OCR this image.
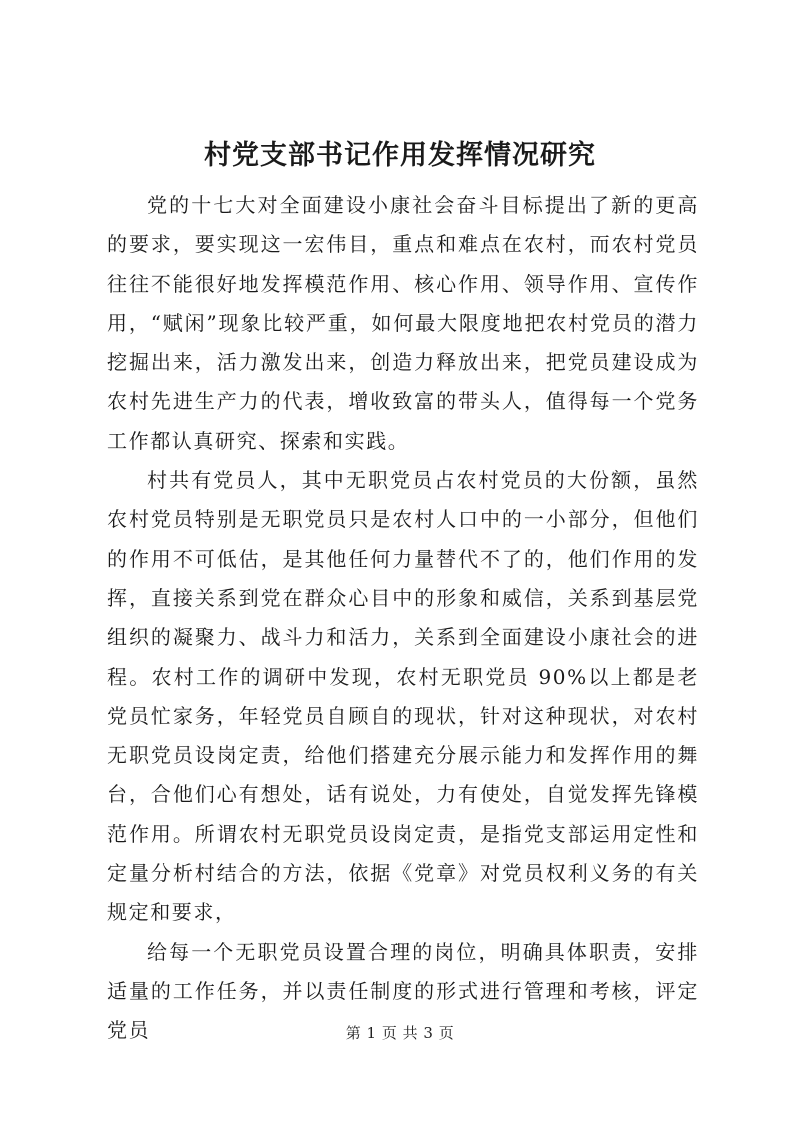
村党支部书记作用发挥情况研究

党的十七大对全面建设小康社会奋斗目标提出了新的更高的要求，要实现这一宏伟目，重点和难点在农村，而农村党员往往不能很好地发挥模范作用、核心作用、领导作用、宣传作用，“赋闲”现象比较严重，如何最大限度地把农村党员的潜力挖掘出来，活力激发出来，创造力释放出来，把党员建设成为农村先进生产力的代表，增收致富的带头人，值得每一个党务工作都认真研究、探索和实践。

村共有党员人，其中无职党员占农村党员的大份额，虽然农村党员特别是无职党员只是农村人口中的一小部分，但他们的作用不可低估，是其他任何力量替代不了的，他们作用的发挥，直接关系到党在群众心目中的形象和威信，关系到基层党组织的凝聚力、战斗力和活力，关系到全面建设小康社会的进程。农村工作的调研中发现，农村无职党员 90%以上都是老党员忙家务，年轻党员自顾自的现状，针对这种现状，对农村无职党员设岗定责，给他们搭建充分展示能力和发挥作用的舞台，合他们心有想处，话有说处，力有使处，自觉发挥先锋模范作用。所谓农村无职党员设岗定责，是指党支部运用定性和定量分析村结合的方法，依据《党章》对党员权利义务的有关规定和要求，

给每一个无职党员设置合理的岗位，明确具体职责，安排适量的工作任务，并以责任制度的形式进行管理和考核，评定党员	第 1 页 共 3 页
